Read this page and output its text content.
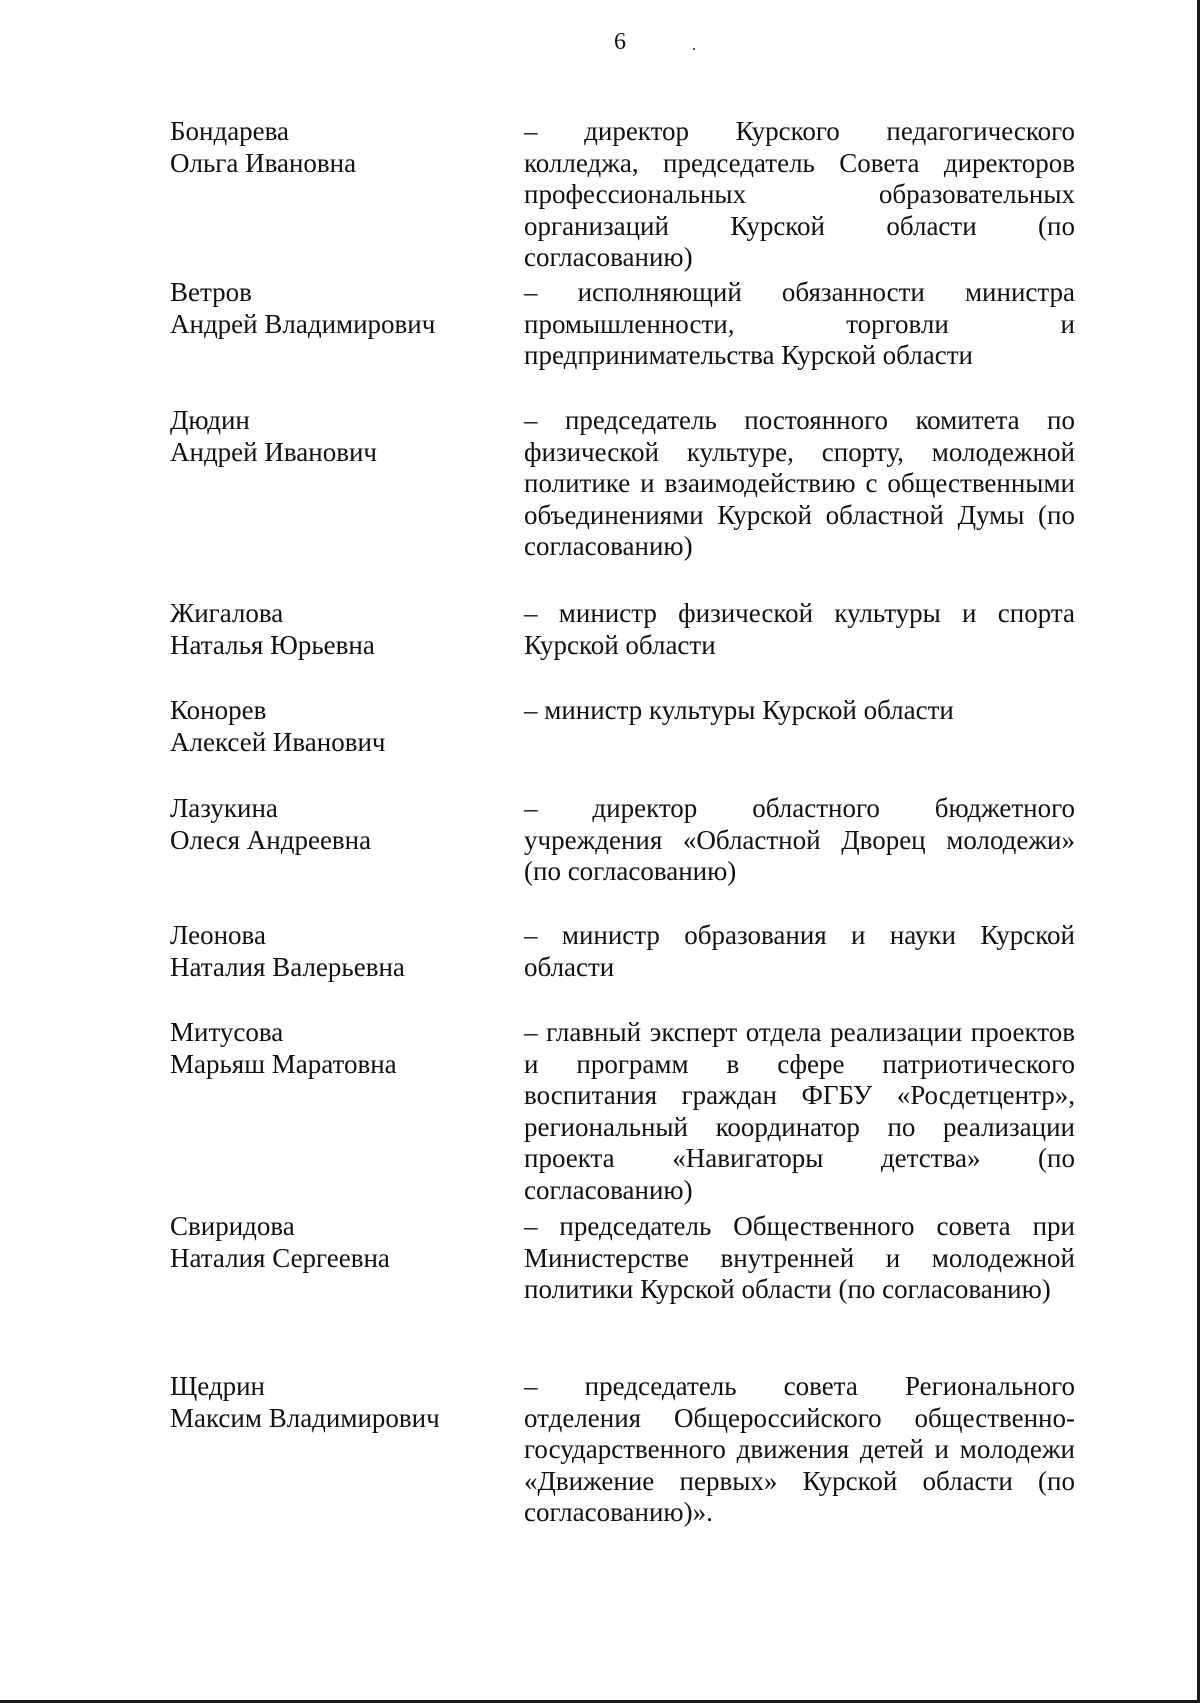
6
Бондарева
Ольга Ивановна
– директор Курского педагогического колледжа, председатель Совета директоров профессиональных образовательных организаций Курской области (по согласованию)
Ветров
Андрей Владимирович
– исполняющий обязанности министра промышленности, торговли и предпринимательства Курской области
Дюдин
Андрей Иванович
– председатель постоянного комитета по физической культуре, спорту, молодежной политике и взаимодействию с общественными объединениями Курской областной Думы (по согласованию)
Жигалова
Наталья Юрьевна
– министр физической культуры и спорта Курской области
Конорев
Алексей Иванович
– министр культуры Курской области
Лазукина
Олеся Андреевна
– директор областного бюджетного учреждения «Областной Дворец молодежи» (по согласованию)
Леонова
Наталия Валерьевна
– министр образования и науки Курской области
Митусова
Марьяш Маратовна
– главный эксперт отдела реализации проектов и программ в сфере патриотического воспитания граждан ФГБУ «Росдетцентр», региональный координатор по реализации проекта «Навигаторы детства» (по согласованию)
Свиридова
Наталия Сергеевна
– председатель Общественного совета при Министерстве внутренней и молодежной политики Курской области (по согласованию)
Щедрин
Максим Владимирович
– председатель совета Регионального отделения Общероссийского общественно-государственного движения детей и молодежи «Движение первых» Курской области (по согласованию)».
